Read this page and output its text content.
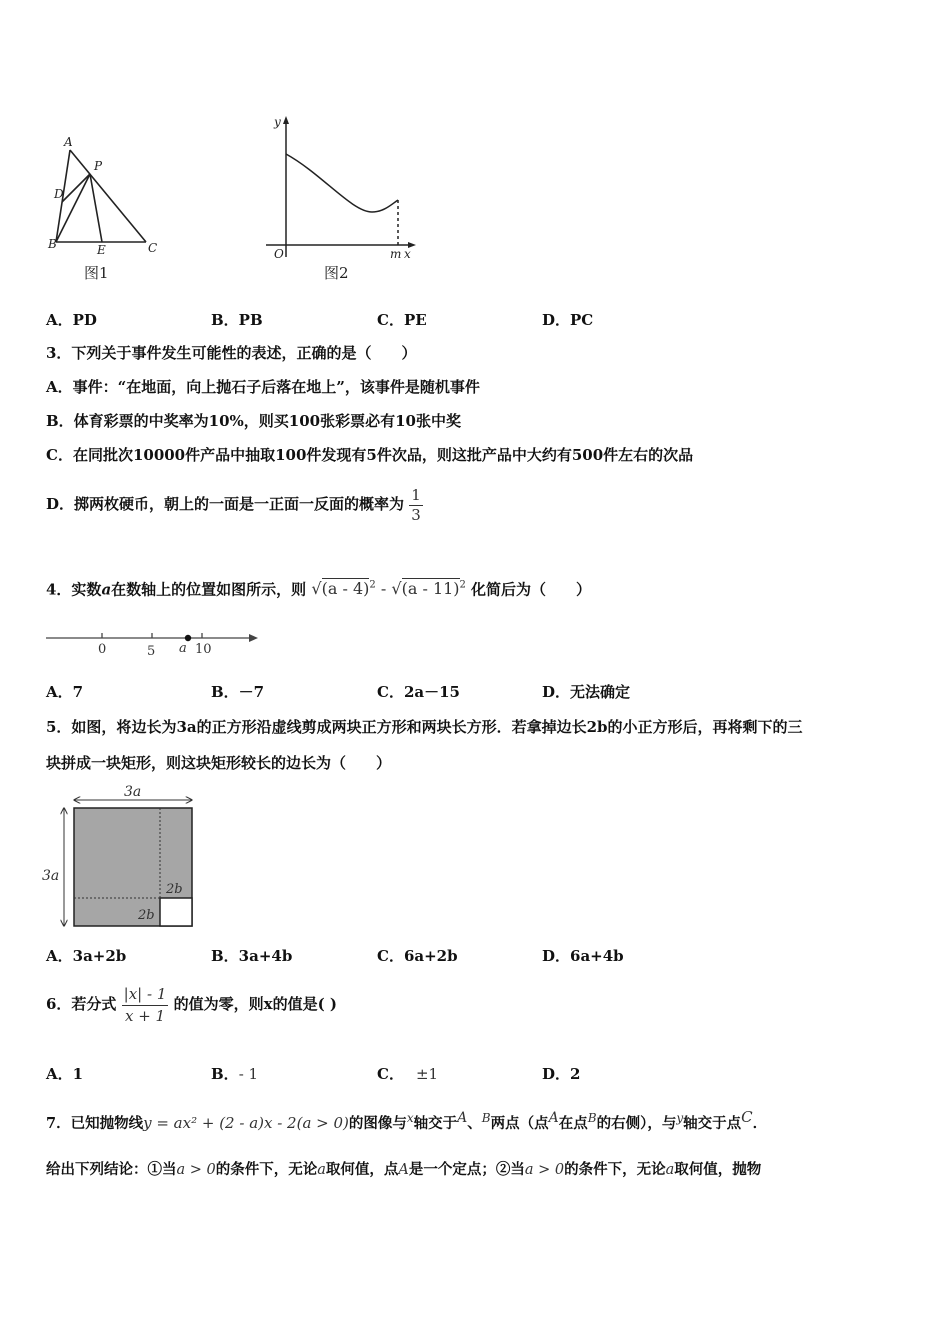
A
P
D
B	E	C
图1
y
O	m x
图2
A．PD	B．PB	C．PE	D．PC
3．下列关于事件发生可能性的表述，正确的是（　　）
A．事件：“在地面，向上抛石子后落在地上”，该事件是随机事件
B．体育彩票的中奖率为10%，则买100张彩票必有10张中奖
C．在同批次10000件产品中抽取100件发现有5件次品，则这批产品中大约有500件左右的次品
D．掷两枚硬币，朝上的一面是一正面一反面的概率为 $\frac{1}{3}$
4．实数a在数轴上的位置如图所示，则 √(a - 4)$^2$ - √(a - 11)$^2$ 化简后为（　　）
0	5 a 10
A．7	B．－7	C．2a－15	D．无法确定
5．如图，将边长为3a的正方形沿虚线剪成两块正方形和两块长方形．若拿掉边长2b的小正方形后，再将剩下的三
块拼成一块矩形，则这块矩形较长的边长为（　　）
3a
3a
2b
2b
A．3a+2b	B．3a+4b	C．6a+2b	D．6a+4b
6．若分式 $\frac{|x| - 1}{x + 1}$ 的值为零，则x的值是( )
A．1	B．- 1	C． ±1	D．2
7．已知抛物线y = ax² + (2 - a)x - 2(a > 0)的图像与$^x$轴交于$^A$、$^B$两点（点$^A$在点$^B$的右侧），与$^y$轴交于点$^C$．
给出下列结论：①当a > 0的条件下，无论a取何值，点A是一个定点；②当a > 0的条件下，无论a取何值，抛物
